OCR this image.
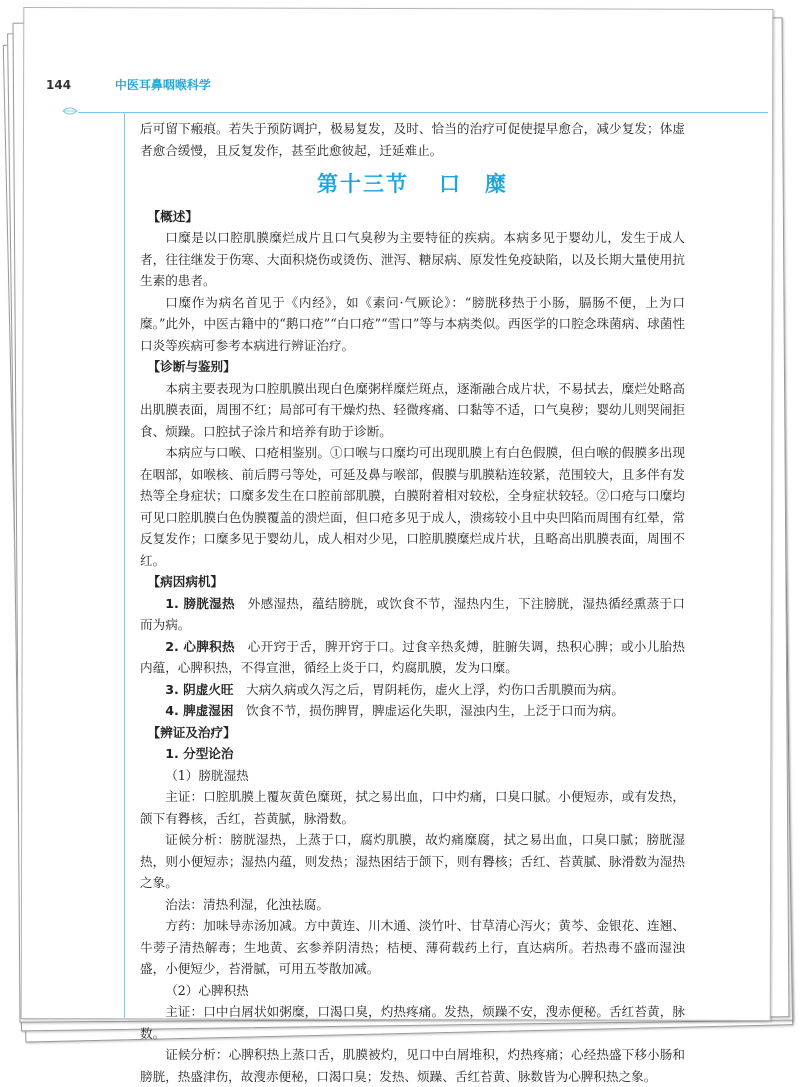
144	中医耳鼻咽喉科学

后可留下瘢痕。若失于预防调护，极易复发，及时、恰当的治疗可促使提早愈合，减少复发；体虚者愈合缓慢，且反复发作，甚至此愈彼起，迁延难止。

第十三节 口　糜

【概述】

口糜是以口腔肌膜糜烂成片且口气臭秽为主要特征的疾病。本病多见于婴幼儿，发生于成人者，往往继发于伤寒、大面积烧伤或烫伤、泄泻、糖尿病、原发性免疫缺陷，以及长期大量使用抗生素的患者。

口糜作为病名首见于《内经》，如《素问·气厥论》：“膀胱移热于小肠，膈肠不便，上为口糜。”此外，中医古籍中的“鹅口疮”“白口疮”“雪口”等与本病类似。西医学的口腔念珠菌病、球菌性口炎等疾病可参考本病进行辨证治疗。

【诊断与鉴别】

本病主要表现为口腔肌膜出现白色糜粥样糜烂斑点，逐渐融合成片状，不易拭去，糜烂处略高出肌膜表面，周围不红；局部可有干燥灼热、轻微疼痛、口黏等不适，口气臭秽；婴幼儿则哭闹拒食、烦躁。口腔拭子涂片和培养有助于诊断。

本病应与口喉、口疮相鉴别。①口喉与口糜均可出现肌膜上有白色假膜，但白喉的假膜多出现在咽部，如喉核、前后腭弓等处，可延及鼻与喉部，假膜与肌膜粘连较紧，范围较大，且多伴有发热等全身症状；口糜多发生在口腔前部肌膜，白膜附着相对较松，全身症状较轻。②口疮与口糜均可见口腔肌膜白色伪膜覆盖的溃烂面，但口疮多见于成人，溃疡较小且中央凹陷而周围有红晕，常反复发作；口糜多见于婴幼儿，成人相对少见，口腔肌膜糜烂成片状，且略高出肌膜表面，周围不红。

【病因病机】

1. 膀胱湿热　 外感湿热，蕴结膀胱，或饮食不节，湿热内生，下注膀胱，湿热循经熏蒸于口而为病。

2. 心脾积热　 心开窍于舌，脾开窍于口。过食辛热炙煿，脏腑失调，热积心脾；或小儿胎热内蕴，心脾积热，不得宣泄，循经上炎于口，灼腐肌膜，发为口糜。

3. 阴虚火旺　 大病久病或久泻之后，胃阴耗伤，虚火上浮，灼伤口舌肌膜而为病。

4. 脾虚湿困　 饮食不节，损伤脾胃，脾虚运化失职，湿浊内生，上泛于口而为病。

【辨证及治疗】

1. 分型论治

（1）膀胱湿热

主证：口腔肌膜上覆灰黄色糜斑，拭之易出血，口中灼痛，口臭口腻。小便短赤，或有发热，颌下有臖核，舌红，苔黄腻，脉滑数。

证候分析：膀胱湿热，上蒸于口，腐灼肌膜，故灼痛糜腐，拭之易出血，口臭口腻；膀胱湿热，则小便短赤；湿热内蕴，则发热；湿热困结于颌下，则有臖核；舌红、苔黄腻、脉滑数为湿热之象。

治法：清热利湿，化浊祛腐。

方药：加味导赤汤加减。方中黄连、川木通、淡竹叶、甘草清心泻火；黄芩、金银花、连翘、牛蒡子清热解毒；生地黄、玄参养阴清热；桔梗、薄荷载药上行，直达病所。若热毒不盛而湿浊盛，小便短少，苔滑腻，可用五苓散加减。

（2）心脾积热

主证：口中白屑状如粥糜，口渴口臭，灼热疼痛。发热，烦躁不安，溲赤便秘。舌红苔黄，脉数。

证候分析：心脾积热上蒸口舌，肌膜被灼，见口中白屑堆积，灼热疼痛；心经热盛下移小肠和膀胱，热盛津伤，故溲赤便秘，口渴口臭；发热、烦躁、舌红苔黄、脉数皆为心脾积热之象。
